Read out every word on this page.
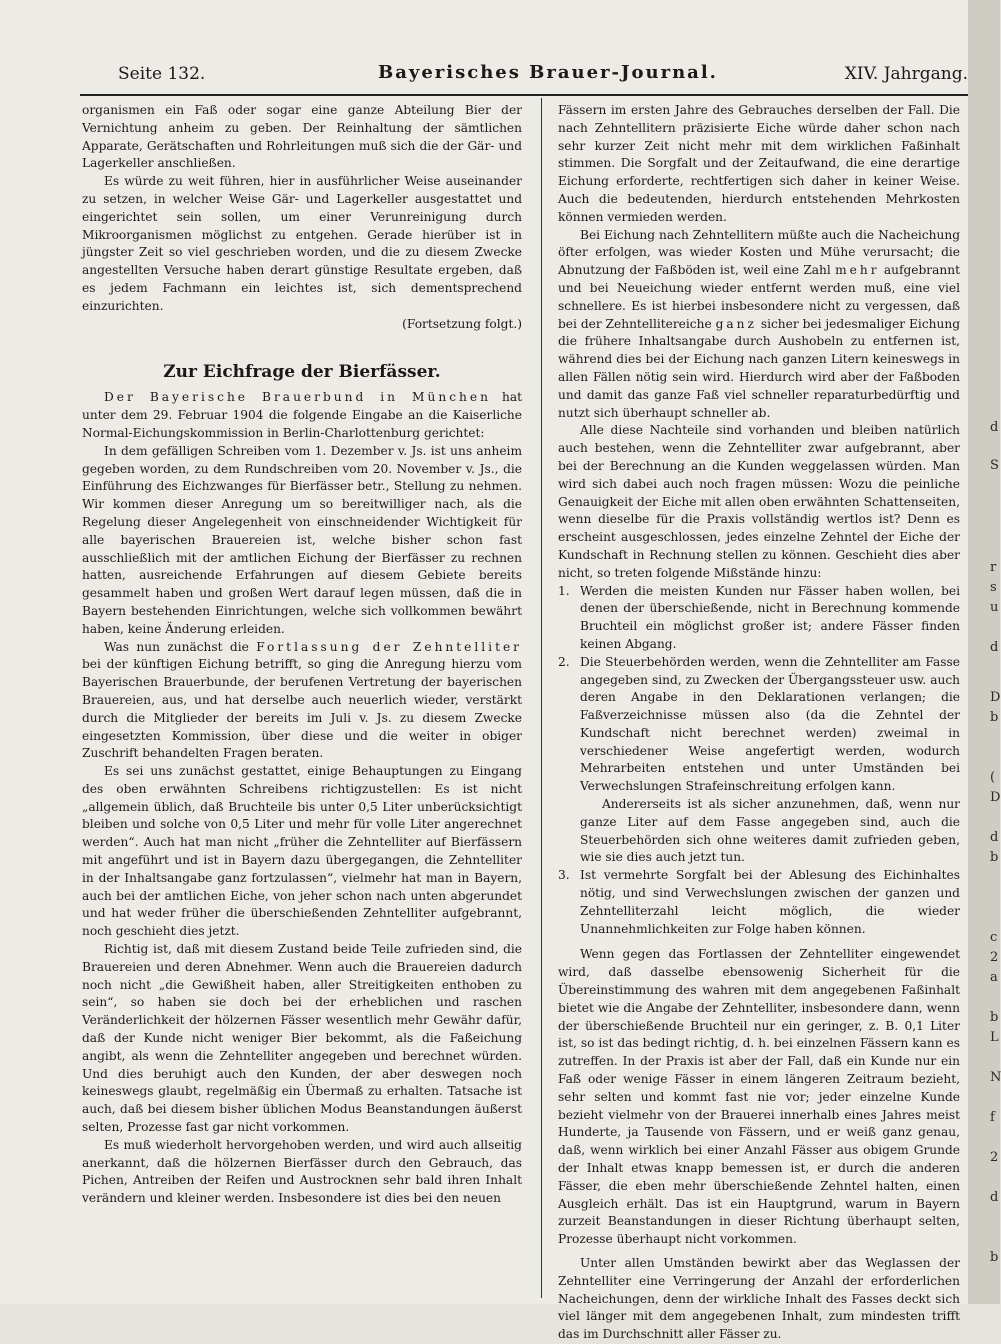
Seite 132.	Bayerisches Brauer-Journal.	XIV. Jahrgang.

organismen ein Faß oder sogar eine ganze Abteilung Bier der Vernichtung anheim zu geben. Der Reinhaltung der sämtlichen Apparate, Gerätschaften und Rohrleitungen muß sich die der Gär- und Lagerkeller anschließen.

Es würde zu weit führen, hier in ausführlicher Weise auseinander zu setzen, in welcher Weise Gär- und Lagerkeller ausgestattet und eingerichtet sein sollen, um einer Verunreinigung durch Mikroorganismen möglichst zu entgehen. Gerade hierüber ist in jüngster Zeit so viel geschrieben worden, und die zu diesem Zwecke angestellten Versuche haben derart günstige Resultate ergeben, daß es jedem Fachmann ein leichtes ist, sich dementsprechend einzurichten.

(Fortsetzung folgt.)

Zur Eichfrage der Bierfässer.

Der Bayerische Brauerbund in München hat unter dem 29. Februar 1904 die folgende Eingabe an die Kaiserliche Normal-Eichungskommission in Berlin-Charlottenburg gerichtet:

In dem gefälligen Schreiben vom 1. Dezember v. Js. ist uns anheim gegeben worden, zu dem Rundschreiben vom 20. November v. Js., die Einführung des Eichzwanges für Bierfässer betr., Stellung zu nehmen. Wir kommen dieser Anregung um so bereitwilliger nach, als die Regelung dieser Angelegenheit von einschneidender Wichtigkeit für alle bayerischen Brauereien ist, welche bisher schon fast ausschließlich mit der amtlichen Eichung der Bierfässer zu rechnen hatten, ausreichende Erfahrungen auf diesem Gebiete bereits gesammelt haben und großen Wert darauf legen müssen, daß die in Bayern bestehenden Einrichtungen, welche sich vollkommen bewährt haben, keine Änderung erleiden.

Was nun zunächst die Fortlassung der Zehntelliter bei der künftigen Eichung betrifft, so ging die Anregung hierzu vom Bayerischen Brauerbunde, der berufenen Vertretung der bayerischen Brauereien, aus, und hat derselbe auch neuerlich wieder, verstärkt durch die Mitglieder der bereits im Juli v. Js. zu diesem Zwecke eingesetzten Kommission, über diese und die weiter in obiger Zuschrift behandelten Fragen beraten.

Es sei uns zunächst gestattet, einige Behauptungen zu Eingang des oben erwähnten Schreibens richtigzustellen: Es ist nicht „allgemein üblich, daß Bruchteile bis unter 0,5 Liter unberücksichtigt bleiben und solche von 0,5 Liter und mehr für volle Liter angerechnet werden“. Auch hat man nicht „früher die Zehntelliter auf Bierfässern mit angeführt und ist in Bayern dazu übergegangen, die Zehntelliter in der Inhaltsangabe ganz fortzulassen“, vielmehr hat man in Bayern, auch bei der amtlichen Eiche, von jeher schon nach unten abgerundet und hat weder früher die überschießenden Zehntelliter aufgebrannt, noch geschieht dies jetzt.

Richtig ist, daß mit diesem Zustand beide Teile zufrieden sind, die Brauereien und deren Abnehmer. Wenn auch die Brauereien dadurch noch nicht „die Gewißheit haben, aller Streitigkeiten enthoben zu sein“, so haben sie doch bei der erheblichen und raschen Veränderlichkeit der hölzernen Fässer wesentlich mehr Gewähr dafür, daß der Kunde nicht weniger Bier bekommt, als die Faßeichung angibt, als wenn die Zehntelliter angegeben und berechnet würden. Und dies beruhigt auch den Kunden, der aber deswegen noch keineswegs glaubt, regelmäßig ein Übermaß zu erhalten. Tatsache ist auch, daß bei diesem bisher üblichen Modus Beanstandungen äußerst selten, Prozesse fast gar nicht vorkommen.

Es muß wiederholt hervorgehoben werden, und wird auch allseitig anerkannt, daß die hölzernen Bierfässer durch den Gebrauch, das Pichen, Antreiben der Reifen und Austrocknen sehr bald ihren Inhalt verändern und kleiner werden. Insbesondere ist dies bei den neuen

Fässern im ersten Jahre des Gebrauches derselben der Fall. Die nach Zehntellitern präzisierte Eiche würde daher schon nach sehr kurzer Zeit nicht mehr mit dem wirklichen Faßinhalt stimmen. Die Sorgfalt und der Zeitaufwand, die eine derartige Eichung erforderte, rechtfertigen sich daher in keiner Weise. Auch die bedeutenden, hierdurch entstehenden Mehrkosten können vermieden werden.

Bei Eichung nach Zehntellitern müßte auch die Nacheichung öfter erfolgen, was wieder Kosten und Mühe verursacht; die Abnutzung der Faßböden ist, weil eine Zahl mehr aufgebrannt und bei Neueichung wieder entfernt werden muß, eine viel schnellere. Es ist hierbei insbesondere nicht zu vergessen, daß bei der Zehntellitereiche ganz sicher bei jedesmaliger Eichung die frühere Inhaltsangabe durch Aushobeln zu entfernen ist, während dies bei der Eichung nach ganzen Litern keineswegs in allen Fällen nötig sein wird. Hierdurch wird aber der Faßboden und damit das ganze Faß viel schneller reparaturbedürftig und nutzt sich überhaupt schneller ab.

Alle diese Nachteile sind vorhanden und bleiben natürlich auch bestehen, wenn die Zehntelliter zwar aufgebrannt, aber bei der Berechnung an die Kunden weggelassen würden. Man wird sich dabei auch noch fragen müssen: Wozu die peinliche Genauigkeit der Eiche mit allen oben erwähnten Schattenseiten, wenn dieselbe für die Praxis vollständig wertlos ist? Denn es erscheint ausgeschlossen, jedes einzelne Zehntel der Eiche der Kundschaft in Rechnung stellen zu können. Geschieht dies aber nicht, so treten folgende Mißstände hinzu:

1. Werden die meisten Kunden nur Fässer haben wollen, bei denen der überschießende, nicht in Berechnung kommende Bruchteil ein möglichst großer ist; andere Fässer finden keinen Abgang.
2. Die Steuerbehörden werden, wenn die Zehntelliter am Fasse angegeben sind, zu Zwecken der Übergangssteuer usw. auch deren Angabe in den Deklarationen verlangen; die Faßverzeichnisse müssen also (da die Zehntel der Kundschaft nicht berechnet werden) zweimal in verschiedener Weise angefertigt werden, wodurch Mehrarbeiten entstehen und unter Umständen bei Verwechslungen Strafeinschreitung erfolgen kann.
Andererseits ist als sicher anzunehmen, daß, wenn nur ganze Liter auf dem Fasse angegeben sind, auch die Steuerbehörden sich ohne weiteres damit zufrieden geben, wie sie dies auch jetzt tun.
3. Ist vermehrte Sorgfalt bei der Ablesung des Eichinhaltes nötig, und sind Verwechslungen zwischen der ganzen und Zehntelliterzahl leicht möglich, die wieder Unannehmlichkeiten zur Folge haben können.

Wenn gegen das Fortlassen der Zehntelliter eingewendet wird, daß dasselbe ebensowenig Sicherheit für die Übereinstimmung des wahren mit dem angegebenen Faßinhalt bietet wie die Angabe der Zehntelliter, insbesondere dann, wenn der überschießende Bruchteil nur ein geringer, z. B. 0,1 Liter ist, so ist das bedingt richtig, d. h. bei einzelnen Fässern kann es zutreffen. In der Praxis ist aber der Fall, daß ein Kunde nur ein Faß oder wenige Fässer in einem längeren Zeitraum bezieht, sehr selten und kommt fast nie vor; jeder einzelne Kunde bezieht vielmehr von der Brauerei innerhalb eines Jahres meist Hunderte, ja Tausende von Fässern, und er weiß ganz genau, daß, wenn wirklich bei einer Anzahl Fässer aus obigem Grunde der Inhalt etwas knapp bemessen ist, er durch die anderen Fässer, die eben mehr überschießende Zehntel halten, einen Ausgleich erhält. Das ist ein Hauptgrund, warum in Bayern zurzeit Beanstandungen in dieser Richtung überhaupt selten, Prozesse überhaupt nicht vorkommen.

Unter allen Umständen bewirkt aber das Weglassen der Zehntelliter eine Verringerung der Anzahl der erforderlichen Nacheichungen, denn der wirkliche Inhalt des Fasses deckt sich viel länger mit dem angegebenen Inhalt, zum mindesten trifft das im Durchschnitt aller Fässer zu.

d
S
r
s
u
d
D
b
(
D
d
b
c
2
a
b
L
N
f
2
d
b
